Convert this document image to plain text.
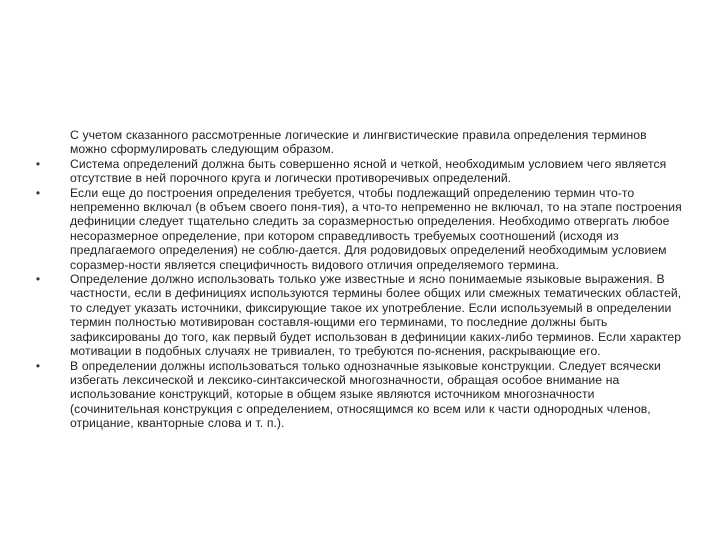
С учетом сказанного рассмотренные логические и лингвистические правила определения терминов можно сформулировать следующим образом.

• Система определений должна быть совершенно ясной и четкой, необходимым условием чего является отсутствие в ней порочного круга и логически противоречивых определений.
• Если еще до построения определения требуется, чтобы подлежащий определению термин что-то непременно включал (в объем своего поня-тия), а что-то непременно не включал, то на этапе построения дефиниции следует тщательно следить за соразмерностью определения. Необходимо отвергать любое несоразмерное определение, при котором справедливость требуемых соотношений (исходя из предлагаемого определения) не соблю-дается. Для родовидовых определений необходимым условием соразмер-ности является специфичность видового отличия определяемого термина.
• Определение должно использовать только уже известные и ясно понимаемые языковые выражения. В частности, если в дефинициях используются термины более общих или смежных тематических областей, то следует указать источники, фиксирующие такое их употребление. Если используемый в определении термин полностью мотивирован составля-ющими его терминами, то последние должны быть зафиксированы до того, как первый будет использован в дефиниции каких-либо терминов. Если характер мотивации в подобных случаях не тривиален, то требуются по-яснения, раскрывающие его.
• В определении должны использоваться только однозначные языковые конструкции. Следует всячески избегать лексической и лексико-синтаксической многозначности, обращая особое внимание на использование конструкций, которые в общем языке являются источником многозначности (сочинительная конструкция с определением, относящимся ко всем или к части однородных членов, отрицание, кванторные слова и т. п.).
